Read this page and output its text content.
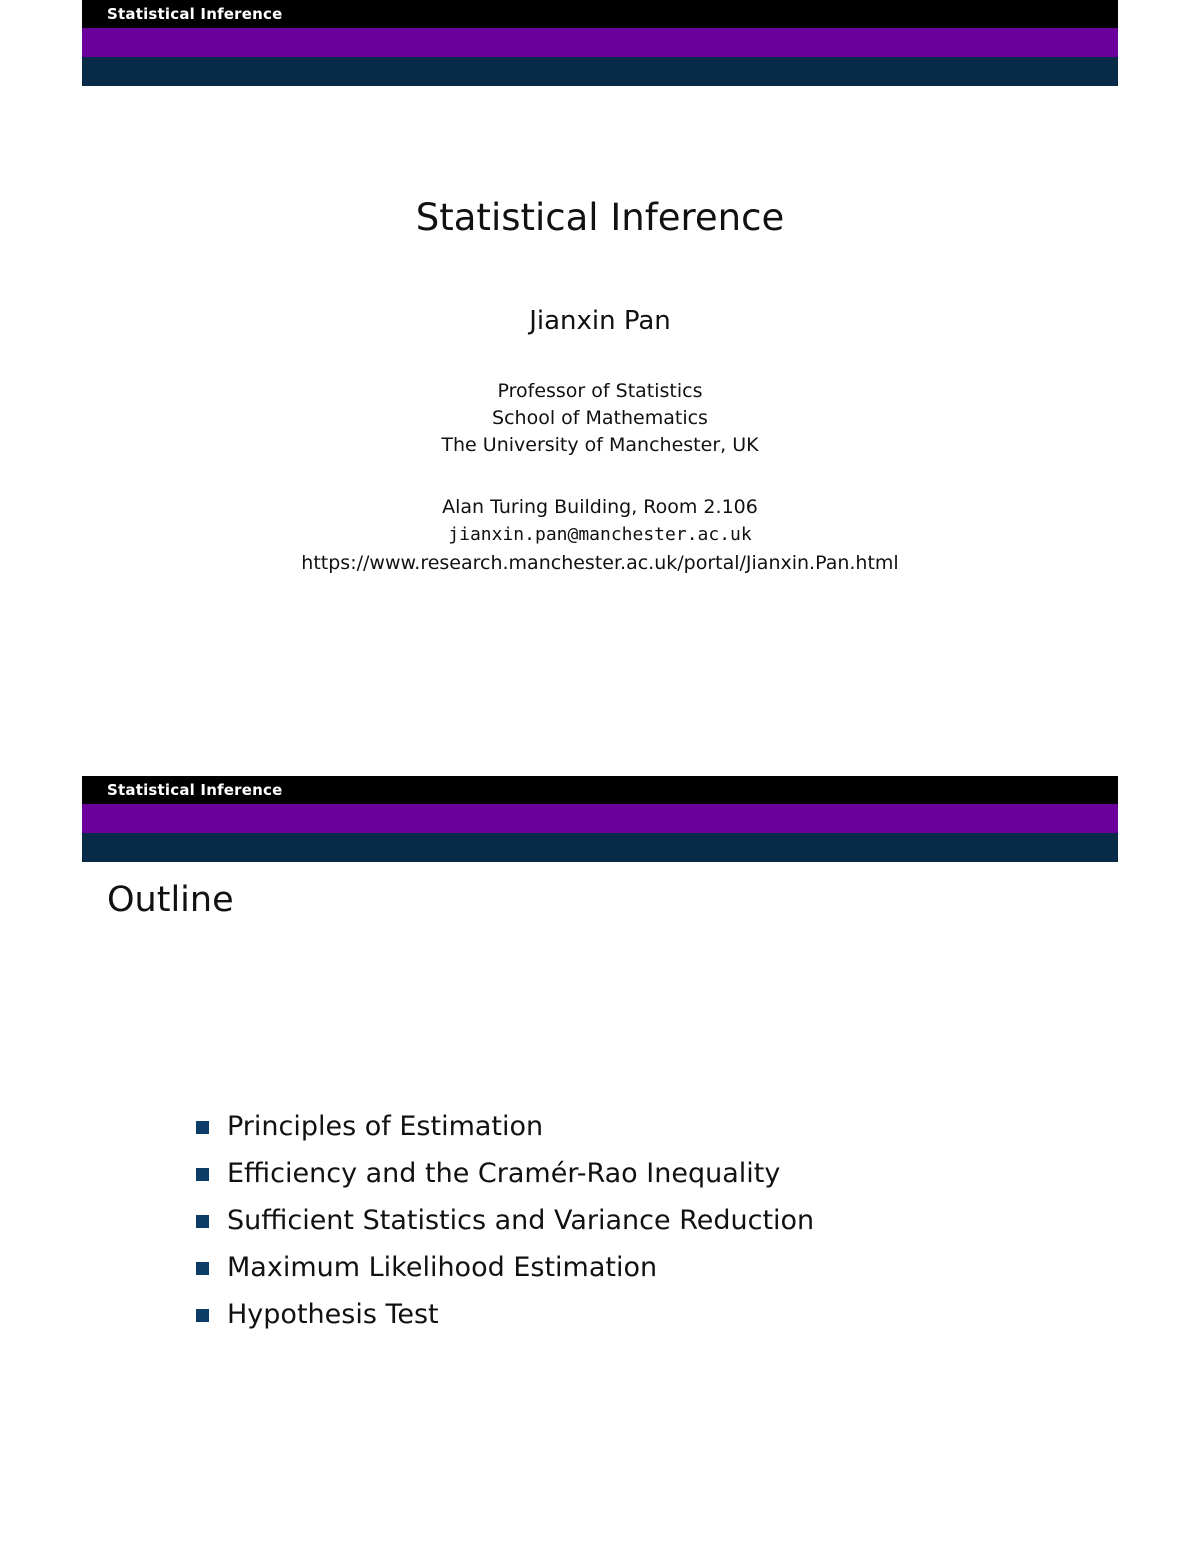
Statistical Inference
Statistical Inference
Jianxin Pan
Professor of Statistics
School of Mathematics
The University of Manchester, UK
Alan Turing Building, Room 2.106
jianxin.pan@manchester.ac.uk
https://www.research.manchester.ac.uk/portal/Jianxin.Pan.html
Statistical Inference
Outline
Principles of Estimation
Efficiency and the Cramér-Rao Inequality
Sufficient Statistics and Variance Reduction
Maximum Likelihood Estimation
Hypothesis Test
